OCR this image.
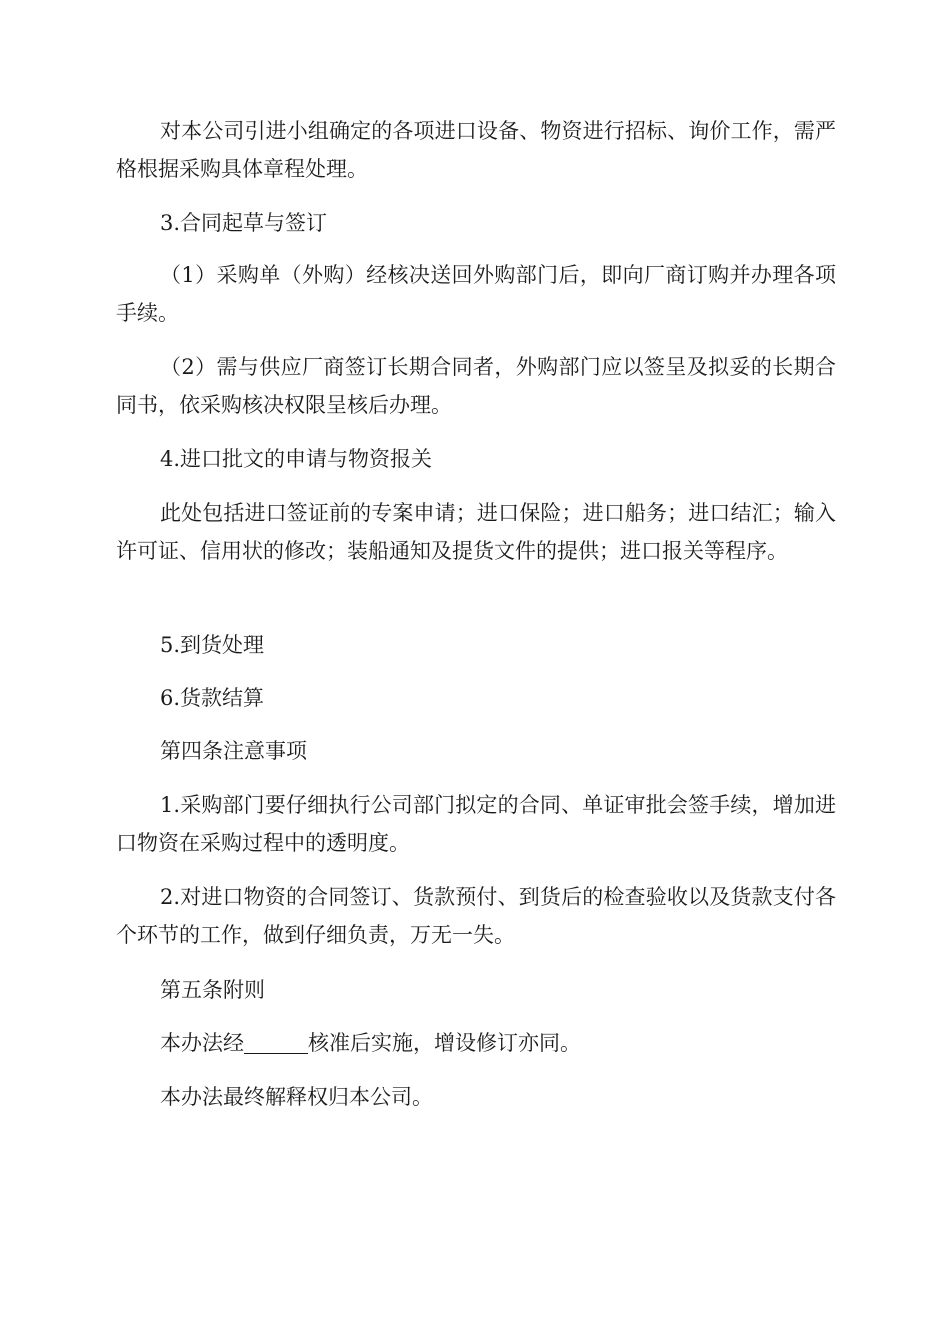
对本公司引进小组确定的各项进口设备、物资进行招标、询价工作，需严格根据采购具体章程处理。

3.合同起草与签订

（1）采购单（外购）经核决送回外购部门后，即向厂商订购并办理各项手续。

（2）需与供应厂商签订长期合同者，外购部门应以签呈及拟妥的长期合同书，依采购核决权限呈核后办理。

4.进口批文的申请与物资报关

此处包括进口签证前的专案申请；进口保险；进口船务；进口结汇；输入许可证、信用状的修改；装船通知及提货文件的提供；进口报关等程序。

5.到货处理

6.货款结算

第四条注意事项

1.采购部门要仔细执行公司部门拟定的合同、单证审批会签手续，增加进口物资在采购过程中的透明度。

2.对进口物资的合同签订、货款预付、到货后的检查验收以及货款支付各个环节的工作，做到仔细负责，万无一失。

第五条附则

本办法经	核准后实施，增设修订亦同。

本办法最终解释权归本公司。
